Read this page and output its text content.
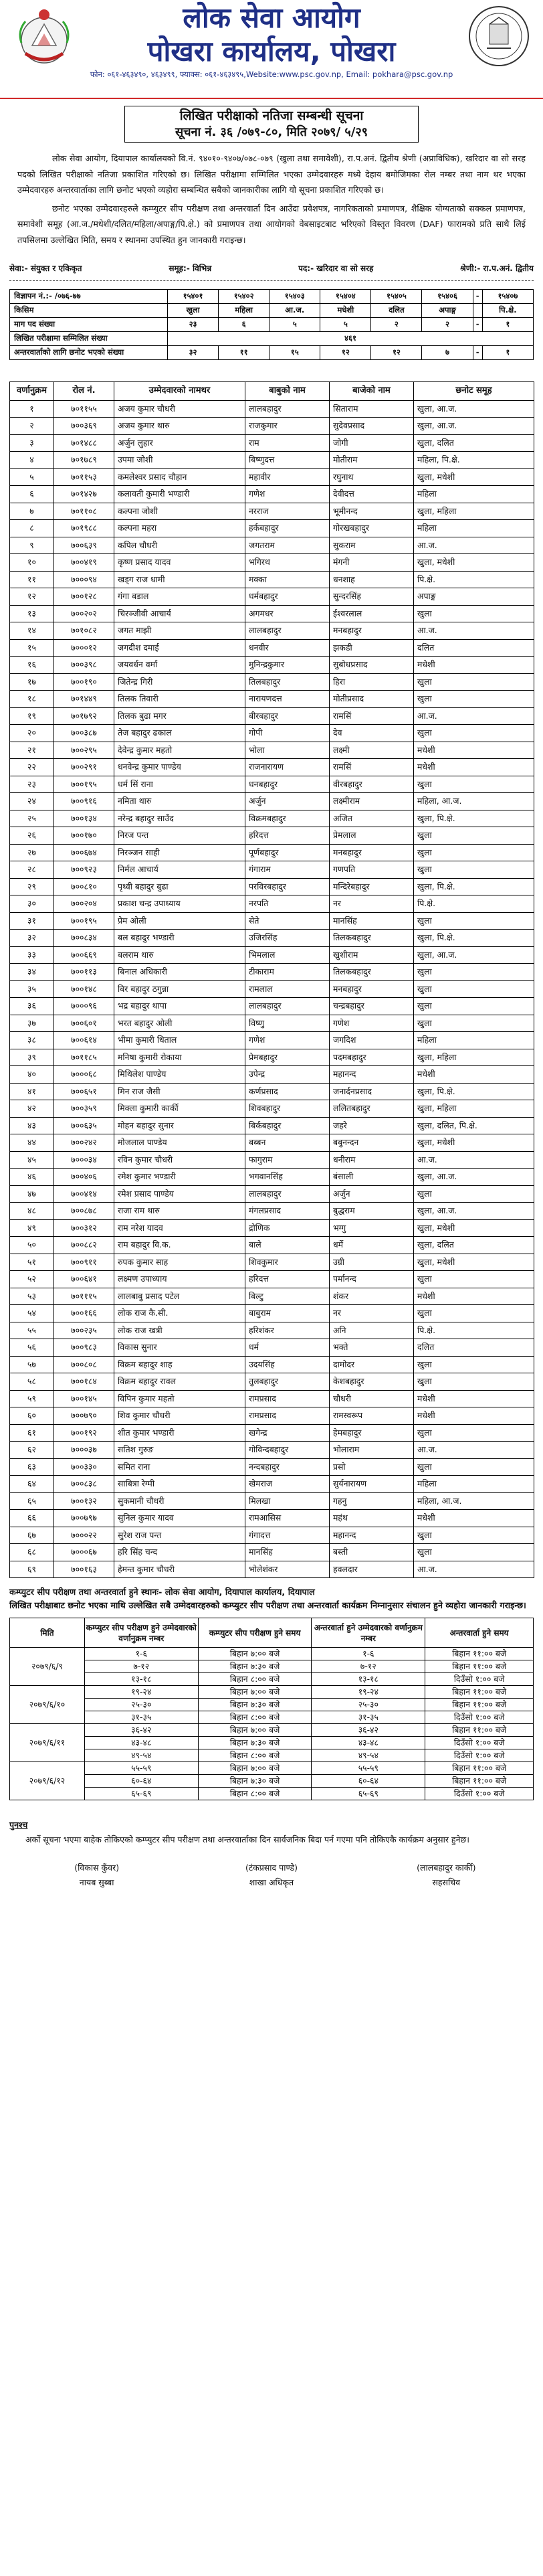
लोक सेवा आयोग
पोखरा कार्यालय, पोखरा
फोन: ०६१-४६३४९०, ४६३४९९, फ्याक्स: ०६१-४६३४९५,Website:www.psc.gov.np, Email: pokhara@psc.gov.np
लिखित परीक्षाको नतिजा सम्बन्धी सूचना
सूचना नं. ३६ /०७९-८०, मिति २०७९/ ५/२९

लोक सेवा आयोग, दियापाल कार्यालयको वि.नं. ९४०१०-९४०७/०७८-०७९ (खुला तथा समावेशी), रा.प.अनं. द्वितीय श्रेणी (अप्राविधिक), खरिदार वा सो सरह पदको लिखित परीक्षाको नतिजा प्रकाशित गरिएको छ। लिखित परीक्षामा सम्मिलित भएका उम्मेदवारहरु मध्ये देहाय बमोजिमका रोल नम्बर तथा नाम थर भएका उम्मेदवारहरु अन्तरवार्ताका लागि छनोट भएको व्यहोरा सम्बन्धित सबैको जानकारीका लागि यो सूचना प्रकाशित गरिएको छ।

छनोट भएका उम्मेदवारहरुले कम्प्युटर सीप परीक्षण तथा अन्तरवार्ता दिन आउँदा प्रवेशपत्र, नागरिकताको प्रमाणपत्र, शैक्षिक योग्यताको सक्कल प्रमाणपत्र, समावेशी समूह (आ.ज./मधेशी/दलित/महिला/अपाङ्ग/पि.क्षे.) को प्रमाणपत्र तथा आयोगको वेबसाइटबाट भरिएको विस्तृत विवरण (DAF) फारामको प्रति साथै लिई तपसिलमा उल्लेखित मिति, समय र स्थानमा उपस्थित हुन जानकारी गराइन्छ।

सेवा:- संयुक्त र एकिकृत	समूह:- विभिन्न	पद:- खरिदार वा सो सरह	श्रेणी:- रा.प.अनं. द्वितीय
विज्ञापन नं.:- /०७६-७७	१५४०१	१५४०२	१५४०३	१५४०४	१५४०५	१५४०६	-	१५४०७
किसिम	खुला	महिला	आ.ज.	मधेशी	दलित	अपाङ्ग		पि.क्षे.
माग पद संख्या	२३	६	५	५	२	२	-	१
लिखित परीक्षामा सम्मिलित संख्या	४६१							
अन्तरवार्ताको लागि छनोट भएको संख्या	३२	११	१५	१२	१२	७	-	१
वर्णानुक्रम	रोल नं.	उम्मेदवारको नामथर	बाबुको नाम	बाजेको नाम	छनोट समूह
१	७०११५५	अजय कुमार चौधरी	लालबहादुर	सिताराम	खुला, आ.ज.
२	७००३६९	अजय कुमार थारु	राजकुमार	सुदेवप्रसाद	खुला, आ.ज.
३	७०१४८८	अर्जुन लुहार	राम	जोगी	खुला, दलित
४	७०१७८९	उपमा जोशी	बिष्णुदत्त	मोतीराम	महिला, पि.क्षे.
५	७०११५३	कमलेश्वर प्रसाद चौहान	महावीर	रघुनाथ	खुला, मधेशी
६	७०१४२७	कलावती कुमारी भण्डारी	गणेश	देवीदत्त	महिला
७	७०११०८	कल्पना जोशी	नरराज	भूमीनन्द	खुला, महिला
८	७०१९८८	कल्पना महरा	हर्कबहादुर	गोरखबहादुर	महिला
९	७००६३९	कपिल चौधरी	जगतराम	सुकराम	आ.ज.
१०	७००४१९	कृष्ण प्रसाद यादव	भगिरथ	मंगनी	खुला, मधेशी
११	७०००९४	खड्ग राज धामी	मक्का	धनशाह	पि.क्षे.
१२	७००१२८	गंगा बडाल	धर्मबहादुर	सुन्दरसिंह	अपाङ्ग
१३	७००२०२	चिरञ्जीवी आचार्य	अगमधर	ईश्वरलाल	खुला
१४	७०१०८२	जगत माझी	लालबहादुर	मनबहादुर	आ.ज.
१५	७०००१२	जगदीश दमाई	धनवीर	झकडी	दलित
१६	७००३९८	जयवर्धन वर्मा	मुनिन्द्रकुमार	सुबोधप्रसाद	मधेशी
१७	७००१९०	जितेन्द्र गिरी	तिलबहादुर	हिरा	खुला
१८	७०१४४९	तिलक तिवारी	नारायणदत्त	मोतीप्रसाद	खुला
१९	७०१७९२	तिलक बुढा मगर	बीरबहादुर	रामसिं	आ.ज.
२०	७००३८७	तेज बहादुर ढकाल	गोपी	देव	खुला
२१	७००२९५	देवेन्द्र कुमार महतो	भोला	लक्ष्मी	मधेशी
२२	७००२९१	धनवेन्द्र कुमार पाण्डेय	राजनारायण	रामसिं	मधेशी
२३	७००१९५	धर्म सिं राना	धनबहादुर	वीरबहादुर	खुला
२४	७००९१६	नमिता थारु	अर्जुन	लक्ष्मीराम	महिला, आ.ज.
२५	७००१३४	नरेन्द्र बहादुर साउँद	विक्रमबहादुर	अजित	खुला, पि.क्षे.
२६	७००१७०	निरज पन्त	हरिदत्त	प्रेमलाल	खुला
२७	७००६७४	निरञ्जन साही	पूर्णबहादुर	मनबहादुर	खुला
२८	७००९२३	निर्मल आचार्य	गंगाराम	गणपति	खुला
२९	७००८१०	पृथ्वी बहादुर बुढा	परविरबहादुर	मन्दिरेबहादुर	खुला, पि.क्षे.
३०	७००२०४	प्रकाश चन्द्र उपाध्याय	नरपति	नर	पि.क्षे.
३१	७००१९५	प्रेम ओली	सेते	मानसिंह	खुला
३२	७००८३४	बल बहादुर भण्डारी	उजिरसिंह	तिलकबहादुर	खुला, पि.क्षे.
३३	७००६६९	बलराम थारु	भिमलाल	खुशीराम	खुला, आ.ज.
३४	७००११३	बिनाल अधिकारी	टीकाराम	तिलकबहादुर	खुला
३५	७००१४८	बिर बहादुर ठगुन्ना	रामलाल	मनबहादुर	खुला
३६	७०००९६	भद्र बहादुर थापा	लालबहादुर	चन्द्रबहादुर	खुला
३७	७००६०१	भरत बहादुर ओली	विष्णु	गणेश	खुला
३८	७००६१४	भीमा कुमारी धिताल	गणेश	जगदिश	महिला
३९	७०११८५	मनिषा कुमारी रोकाया	प्रेमबहादुर	पदमबहादुर	खुला, महिला
४०	७०००६८	मिथिलेश पाण्डेय	उपेन्द्र	महानन्द	मधेशी
४१	७००६५१	मिन राज जैसी	कर्णप्रसाद	जनार्दनप्रसाद	खुला, पि.क्षे.
४२	७००३५९	मिक्ला कुमारी कार्की	शिवबहादुर	ललितबहादुर	खुला, महिला
४३	७००६३५	मोहन बहादुर सुनार	बिर्कबहादुर	जहरे	खुला, दलित, पि.क्षे.
४४	७००२४२	मोजलाल पाण्डेय	बब्बन	बबुनन्दन	खुला, मधेशी
४५	७०००३४	रविन कुमार चौधरी	फागुराम	धनीराम	आ.ज.
४६	७००४०६	रमेश कुमार भण्डारी	भगवानसिंह	बंसाली	खुला, आ.ज.
४७	७००४१४	रमेश प्रसाद पाण्डेय	लालबहादुर	अर्जुन	खुला
४८	७००८७८	राजा राम थारु	मंगलप्रसाद	बुद्धराम	खुला, आ.ज.
४९	७००३१२	राम नरेश यादव	द्रोणिक	भग्गु	खुला, मधेशी
५०	७००८८२	राम बहादुर वि.क.	बाले	धर्मे	खुला, दलित
५१	७००९११	रुपक कुमार साह	शिवकुमार	उग्री	खुला, मधेशी
५२	७००६४१	लक्ष्मण उपाध्याय	हरिदत्त	पर्मानन्द	खुला
५३	७०१११५	लालबाबु प्रसाद पटेल	बिल्टु	शंकर	मधेशी
५४	७००१६६	लोक राज कै.सी.	बाबुराम	नर	खुला
५५	७००२३५	लोक राज खत्री	हरिशंकर	अनि	पि.क्षे.
५६	७००९८३	विकास सुनार	धर्म	भक्ते	दलित
५७	७००८०८	विक्रम बहादुर शाह	उदयसिंह	दामोदर	खुला
५८	७००१८४	विक्रम बहादुर रावल	तुलबहादुर	केशबहादुर	खुला
५९	७००१४५	विपिन कुमार महतो	रामप्रसाद	चौधरी	मधेशी
६०	७००७९०	शिव कुमार चौधरी	रामप्रसाद	रामस्वरूप	मधेशी
६१	७००१९२	शीत कुमार भण्डारी	खगेन्द्र	हेमबहादुर	खुला
६२	७०००३७	सतिश गुरुङ	गोविन्दबहादुर	भोलाराम	आ.ज.
६३	७००३३०	समित राना	नन्दबहादुर	प्रसो	खुला
६४	७००८३८	साबित्रा रेग्मी	खेमराज	सुर्यनारायण	महिला
६५	७००१३२	सुकमानी चौधरी	मिलखा	गहनु	महिला, आ.ज.
६६	७००७९७	सुनिल कुमार यादव	रामआसिस	महंथ	मधेशी
६७	७०००२२	सुरेश राज पन्त	गंगादत्त	महानन्द	खुला
६८	७०००६७	हरि सिंह चन्द	मानसिंह	बस्ती	खुला
६९	७००१६३	हेमन्त कुमार चौधरी	भोलेशंकर	हवलदार	आ.ज.
कम्प्युटर सीप परीक्षण तथा अन्तरवार्ता हुने स्थानः- लोक सेवा आयोग, दियापाल कार्यालय, दियापाल
लिखित परीक्षाबाट छनोट भएका माथि उल्लेखित सबै उम्मेदवारहरुको कम्प्युटर सीप परीक्षण तथा अन्तरवार्ता कार्यक्रम निम्नानुसार संचालन हुने व्यहोरा जानकारी गराइन्छ।
मिति	कम्प्युटर सीप परीक्षण हुने उम्मेदवारको वर्णानुक्रम नम्बर	कम्प्युटर सीप परीक्षण हुने समय	अन्तरवार्ता हुने उम्मेदवारको वर्णानुक्रम नम्बर	अन्तरवार्ता हुने समय
२०७९/६/९	१-६	बिहान ७:०० बजे	१-६	बिहान ११:०० बजे
	७-१२	बिहान ७:३० बजे	७-१२	बिहान ११:०० बजे
	१३-१८	बिहान ८:०० बजे	१३-१८	दिउँसो १:०० बजे
२०७९/६/१०	१९-२४	बिहान ७:०० बजे	१९-२४	बिहान ११:०० बजे
	२५-३०	बिहान ७:३० बजे	२५-३०	बिहान ११:०० बजे
	३१-३५	बिहान ८:०० बजे	३१-३५	दिउँसो १:०० बजे
२०७९/६/११	३६-४२	बिहान ७:०० बजे	३६-४२	बिहान ११:०० बजे
	४३-४८	बिहान ७:३० बजे	४३-४८	दिउँसो १:०० बजे
	४९-५४	बिहान ८:०० बजे	४९-५४	दिउँसो १:०० बजे
२०७९/६/१२	५५-५९	बिहान ७:०० बजे	५५-५९	बिहान ११:०० बजे
	६०-६४	बिहान ७:३० बजे	६०-६४	बिहान ११:०० बजे
	६५-६९	बिहान ८:०० बजे	६५-६९	दिउँसो १:०० बजे
पुनश्च
अर्को सूचना भएमा बाहेक तोकिएको कम्प्युटर सीप परीक्षण तथा अन्तरवार्ताका दिन सार्वजनिक बिदा पर्न गएमा पनि तोकिएकै कार्यक्रम अनुसार हुनेछ।
(विकास कुँवर)
नायब सुब्बा
(टंकप्रसाद पाण्डे)
शाखा अधिकृत
(लालबहादुर कार्की)
सहसचिव
